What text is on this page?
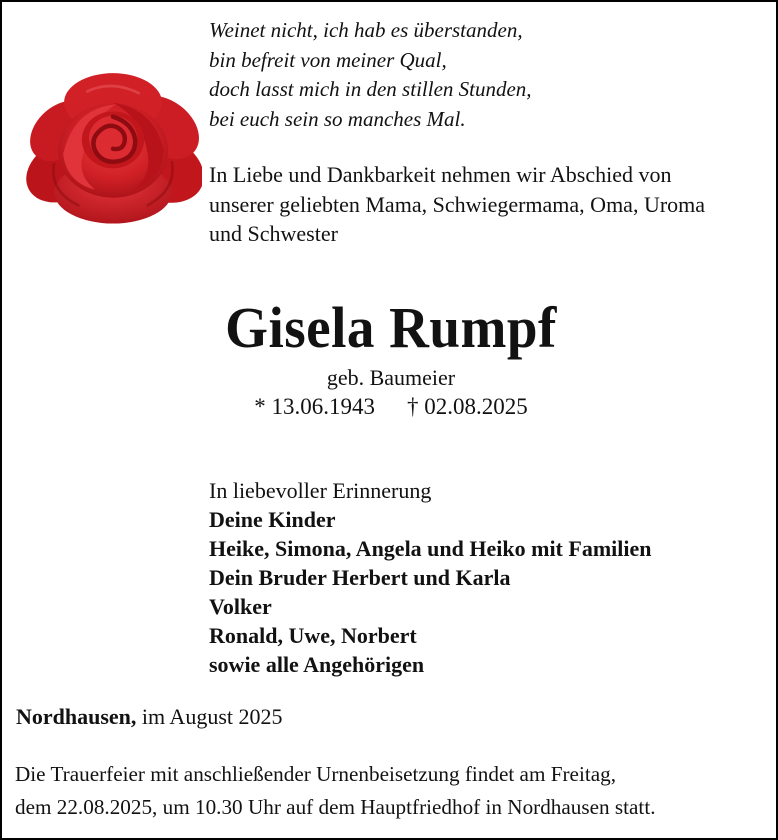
Weinet nicht, ich hab es überstanden,
bin befreit von meiner Qual,
doch lasst mich in den stillen Stunden,
bei euch sein so manches Mal.
In Liebe und Dankbarkeit nehmen wir Abschied von
unserer geliebten Mama, Schwiegermama, Oma, Uroma
und Schwester
Gisela Rumpf
geb. Baumeier
* 13.06.1943 † 02.08.2025
In liebevoller Erinnerung
Deine Kinder
Heike, Simona, Angela und Heiko mit Familien
Dein Bruder Herbert und Karla
Volker
Ronald, Uwe, Norbert
sowie alle Angehörigen
Nordhausen, im August 2025
Die Trauerfeier mit anschließender Urnenbeisetzung findet am Freitag,
dem 22.08.2025, um 10.30 Uhr auf dem Hauptfriedhof in Nordhausen statt.
